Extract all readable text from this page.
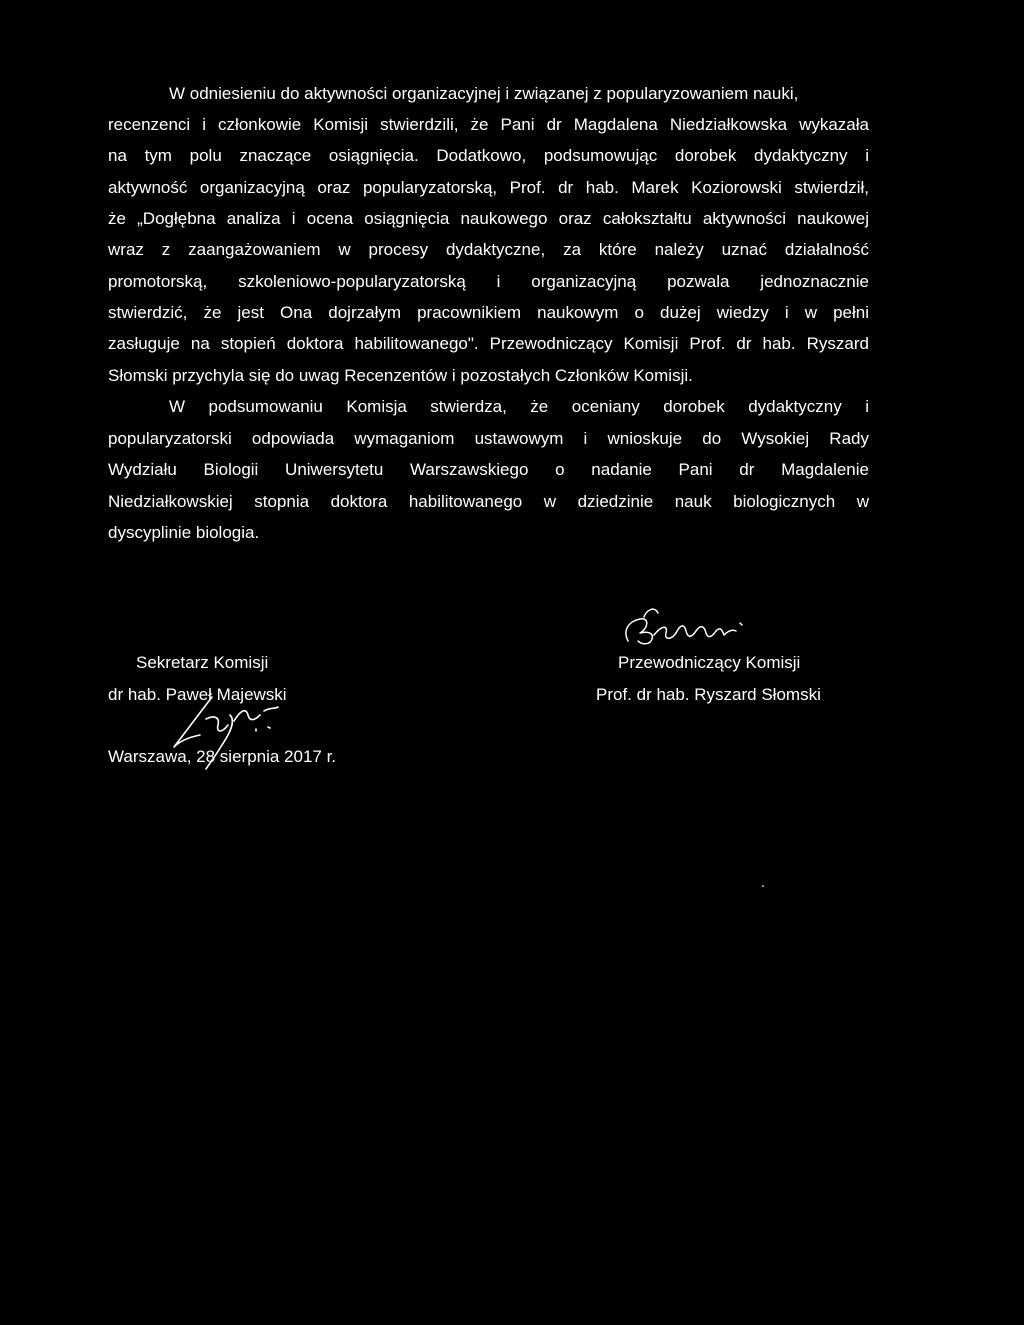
W odniesieniu do aktywności organizacyjnej i związanej z popularyzowaniem nauki,

recenzenci i członkowie Komisji stwierdzili, że Pani dr Magdalena Niedziałkowska wykazała

na tym polu znaczące osiągnięcia. Dodatkowo, podsumowując dorobek dydaktyczny i

aktywność organizacyjną oraz popularyzatorską, Prof. dr hab. Marek Koziorowski stwierdził,

że „Dogłębna analiza i ocena osiągnięcia naukowego oraz całokształtu aktywności naukowej

wraz z zaangażowaniem w procesy dydaktyczne, za które należy uznać działalność

promotorską, szkoleniowo-popularyzatorską i organizacyjną pozwala jednoznacznie

stwierdzić, że jest Ona dojrzałym pracownikiem naukowym o dużej wiedzy i w pełni

zasługuje na stopień doktora habilitowanego". Przewodniczący Komisji Prof. dr hab. Ryszard

Słomski przychyla się do uwag Recenzentów i pozostałych Członków Komisji.

W podsumowaniu Komisja stwierdza, że oceniany dorobek dydaktyczny i

popularyzatorski odpowiada wymaganiom ustawowym i wnioskuje do Wysokiej Rady

Wydziału Biologii Uniwersytetu Warszawskiego o nadanie Pani dr Magdalenie

Niedziałkowskiej stopnia doktora habilitowanego w dziedzinie nauk biologicznych w

dyscyplinie biologia.

Sekretarz Komisji
dr hab. Paweł Majewski
Warszawa, 28 sierpnia 2017 r.
Przewodniczący Komisji
Prof. dr hab. Ryszard Słomski
